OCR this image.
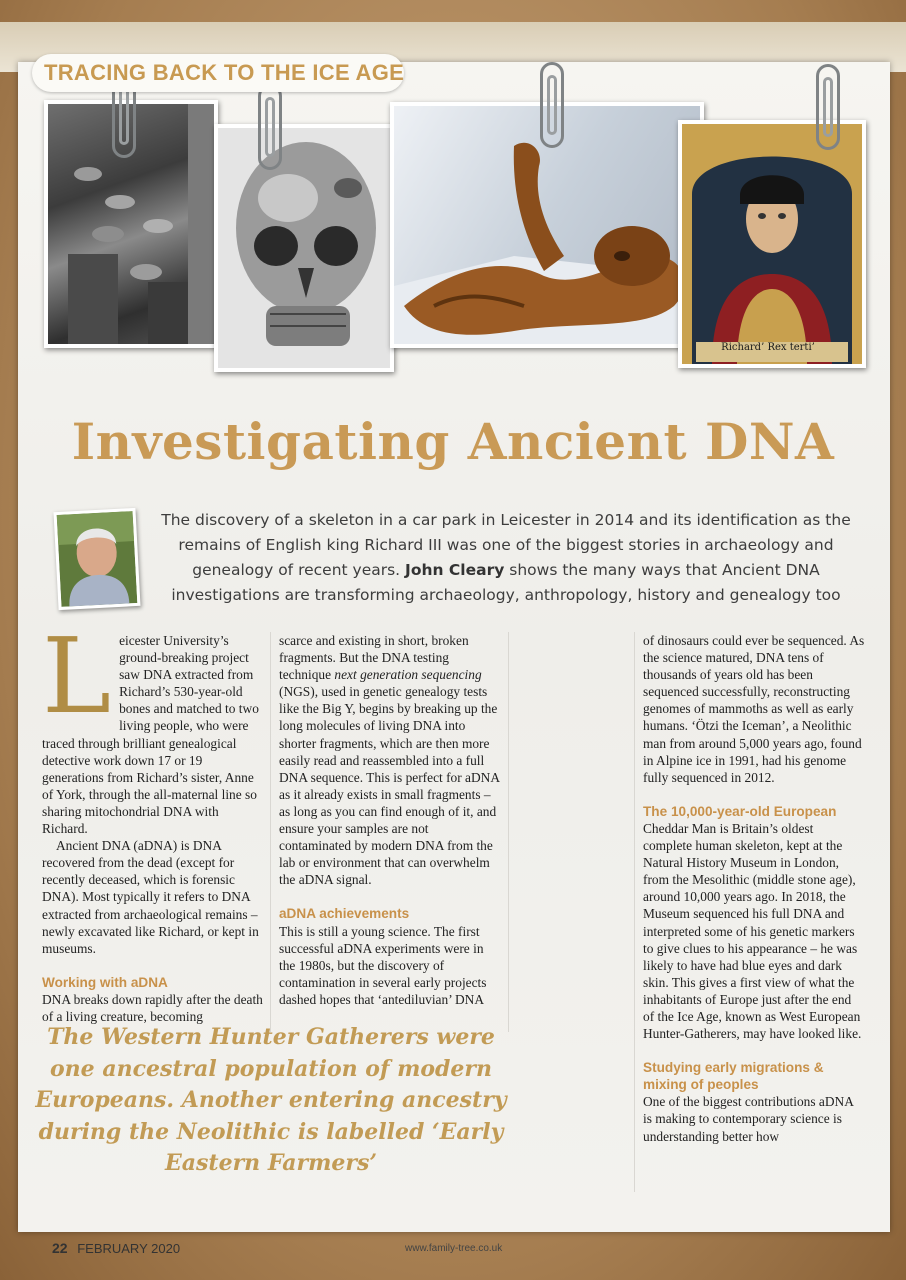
Richard’ Rex terti’
TRACING BACK TO THE ICE AGE
Investigating Ancient DNA

The discovery of a skeleton in a car park in Leicester in 2014 and its identification as the remains of English king Richard III was one of the biggest stories in archaeology and genealogy of recent years. John Cleary shows the many ways that Ancient DNA investigations are transforming archaeology, anthropology, history and genealogy too

L eicester University’s ground-breaking project saw DNA extracted from Richard’s 530-year-old bones and matched to two living people, who were traced through brilliant genealogical detective work down 17 or 19 generations from Richard’s sister, Anne of York, through the all-maternal line so sharing mitochondrial DNA with Richard.

Ancient DNA (aDNA) is DNA recovered from the dead (except for recently deceased, which is forensic DNA). Most typically it refers to DNA extracted from archaeological remains – newly excavated like Richard, or kept in museums.

Working with aDNA

DNA breaks down rapidly after the death of a living creature, becoming

scarce and existing in short, broken fragments. But the DNA testing technique next generation sequencing (NGS), used in genetic genealogy tests like the Big Y, begins by breaking up the long molecules of living DNA into shorter fragments, which are then more easily read and reassembled into a full DNA sequence. This is perfect for aDNA as it already exists in small fragments – as long as you can find enough of it, and ensure your samples are not contaminated by modern DNA from the lab or environment that can overwhelm the aDNA signal.

aDNA achievements

This is still a young science. The first successful aDNA experiments were in the 1980s, but the discovery of contamination in several early projects dashed hopes that ‘antediluvian’ DNA

of dinosaurs could ever be sequenced. As the science matured, DNA tens of thousands of years old has been sequenced successfully, reconstructing genomes of mammoths as well as early humans. ‘Ötzi the Iceman’, a Neolithic man from around 5,000 years ago, found in Alpine ice in 1991, had his genome fully sequenced in 2012.

The 10,000-year-old European

Cheddar Man is Britain’s oldest complete human skeleton, kept at the Natural History Museum in London, from the Mesolithic (middle stone age), around 10,000 years ago. In 2018, the Museum sequenced his full DNA and interpreted some of his genetic markers to give clues to his appearance – he was likely to have had blue eyes and dark skin. This gives a first view of what the inhabitants of Europe just after the end of the Ice Age, known as West European Hunter-Gatherers, may have looked like.

Studying early migrations & mixing of peoples

One of the biggest contributions aDNA is making to contemporary science is understanding better how

The Western Hunter Gatherers were one ancestral population of modern Europeans. Another entering ancestry during the Neolithic is labelled ‘Early Eastern Farmers’

22 FEBRUARY 2020	www.family-tree.co.uk
